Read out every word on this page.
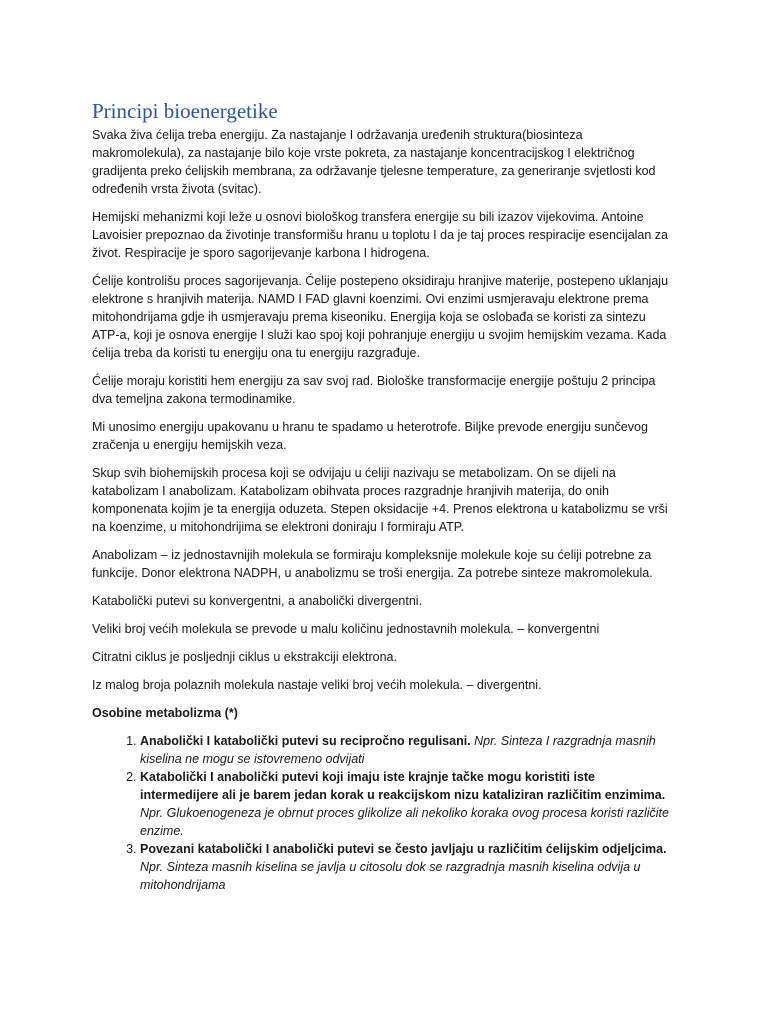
Principi bioenergetike

Svaka živa ćelija treba energiju. Za nastajanje I održavanja uređenih struktura(biosinteza makromolekula), za nastajanje bilo koje vrste pokreta, za nastajanje koncentracijskog I električnog gradijenta preko ćelijskih membrana, za održavanje tjelesne temperature, za generiranje svjetlosti kod određenih vrsta života (svitac).

Hemijski mehanizmi koji leže u osnovi biološkog transfera energije su bili izazov vijekovima. Antoine Lavoisier prepoznao da životinje transformišu hranu u toplotu I da je taj proces respiracije esencijalan za život. Respiracije je sporo sagorijevanje karbona I hidrogena.

Ćelije kontrolišu proces sagorijevanja. Ćelije postepeno oksidiraju hranjive materije, postepeno uklanjaju elektrone s hranjivih materija. NAMD I FAD glavni koenzimi. Ovi enzimi usmjeravaju elektrone prema mitohondrijama gdje ih usmjeravaju prema kiseoniku. Energija koja se oslobađa se koristi za sintezu ATP-a, koji je osnova energije I služi kao spoj koji pohranjuje energiju u svojim hemijskim vezama. Kada ćelija treba da koristi tu energiju ona tu energiju razgrađuje.

Ćelije moraju koristiti hem energiju za sav svoj rad. Biološke transformacije energije poštuju 2 principa dva temeljna zakona termodinamike.

Mi unosimo energiju upakovanu u hranu te spadamo u heterotrofe. Biljke prevode energiju sunčevog zračenja u energiju hemijskih veza.

Skup svih biohemijskih procesa koji se odvijaju u ćeliji nazivaju se metabolizam. On se dijeli na katabolizam I anabolizam. Katabolizam obihvata proces razgradnje hranjivih materija, do onih komponenata kojim je ta energija oduzeta. Stepen oksidacije +4. Prenos elektrona u katabolizmu se vrši na koenzime, u mitohondrijima se elektroni doniraju I formiraju ATP.

Anabolizam – iz jednostavnijih molekula se formiraju kompleksnije molekule koje su ćeliji potrebne za funkcije. Donor elektrona NADPH, u anabolizmu se troši energija. Za potrebe sinteze makromolekula.

Katabolički putevi su konvergentni, a anabolički divergentni.

Veliki broj većih molekula se prevode u malu količinu jednostavnih molekula. – konvergentni

Citratni ciklus je posljednji ciklus u ekstrakciji elektrona.

Iz malog broja polaznih molekula nastaje veliki broj većih molekula. – divergentni.

Osobine metabolizma (*)

1. Anabolički I katabolički putevi su recipročno regulisani. Npr. Sinteza I razgradnja masnih kiselina ne mogu se istovremeno odvijati
2. Katabolički I anabolički putevi koji imaju iste krajnje tačke mogu koristiti iste intermedijere ali je barem jedan korak u reakcijskom nizu kataliziran različitim enzimima. Npr. Glukoenogeneza je obrnut proces glikolize ali nekoliko koraka ovog procesa koristi različite enzime.
3. Povezani katabolički I anabolički putevi se često javljaju u različitim ćelijskim odjeljcima. Npr. Sinteza masnih kiselina se javlja u citosolu dok se razgradnja masnih kiselina odvija u mitohondrijama
